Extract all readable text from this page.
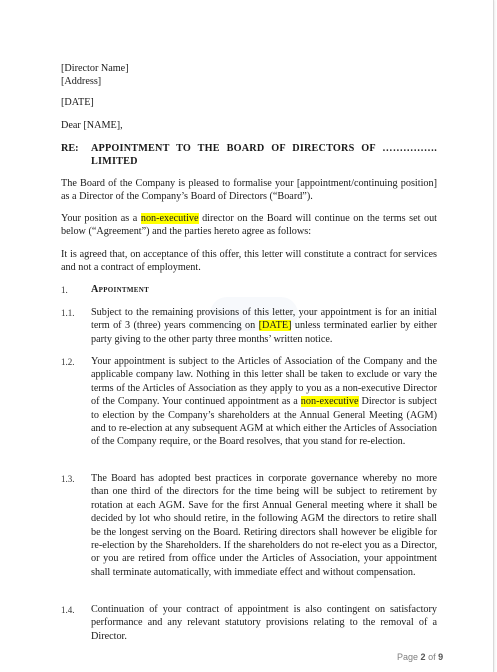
[Director Name]
[Address]
[DATE]
Dear [NAME],
RE: APPOINTMENT TO THE BOARD OF DIRECTORS OF …………….
LIMITED
The Board of the Company is pleased to formalise your [appointment/continuing position] as a Director of the Company’s Board of Directors (“Board”).
Your position as a non-executive director on the Board will continue on the terms set out below (“Agreement”) and the parties hereto agree as follows:
It is agreed that, on acceptance of this offer, this letter will constitute a contract for services and not a contract of employment.
1. Appointment
1.1. Subject to the remaining provisions of this letter, your appointment is for an initial term of 3 (three) years commencing on [DATE] unless terminated earlier by either party giving to the other party three months’ written notice.
1.2. Your appointment is subject to the Articles of Association of the Company and the applicable company law. Nothing in this letter shall be taken to exclude or vary the terms of the Articles of Association as they apply to you as a non-executive Director of the Company. Your continued appointment as a non-executive Director is subject to election by the Company’s shareholders at the Annual General Meeting (AGM) and to re-election at any subsequent AGM at which either the Articles of Association of the Company require, or the Board resolves, that you stand for re-election.
1.3. The Board has adopted best practices in corporate governance whereby no more than one third of the directors for the time being will be subject to retirement by rotation at each AGM. Save for the first Annual General meeting where it shall be decided by lot who should retire, in the following AGM the directors to retire shall be the longest serving on the Board. Retiring directors shall however be eligible for re-election by the Shareholders. If the shareholders do not re-elect you as a Director, or you are retired from office under the Articles of Association, your appointment shall terminate automatically, with immediate effect and without compensation.
1.4. Continuation of your contract of appointment is also contingent on satisfactory performance and any relevant statutory provisions relating to the removal of a Director.
Page 2 of 9
